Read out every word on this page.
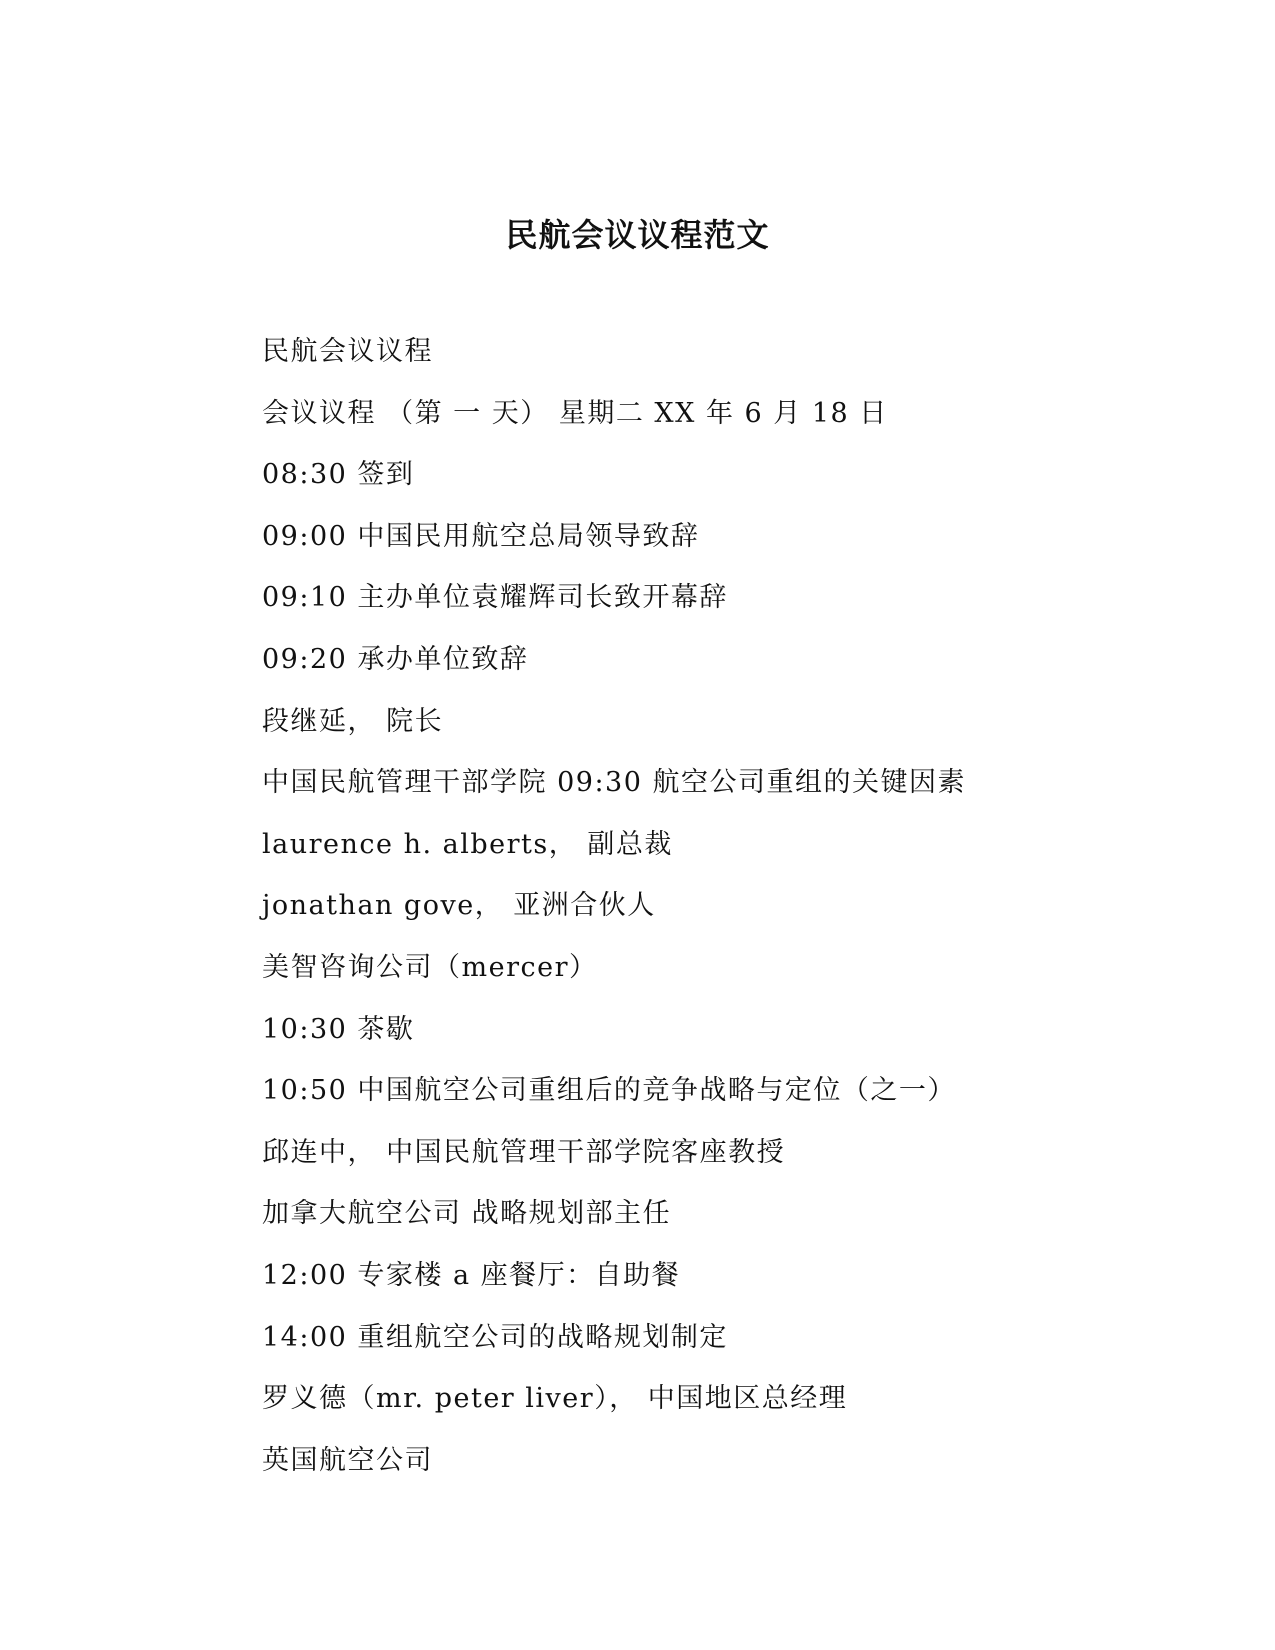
民航会议议程范文
民航会议议程
会议议程 （第 一 天） 星期二 XX 年 6 月 18 日
08:30 签到
09:00 中国民用航空总局领导致辞
09:10 主办单位袁耀辉司长致开幕辞
09:20 承办单位致辞
段继延， 院长
中国民航管理干部学院 09:30 航空公司重组的关键因素
laurence h. alberts， 副总裁
jonathan gove， 亚洲合伙人
美智咨询公司（mercer）
10:30 茶歇
10:50 中国航空公司重组后的竞争战略与定位（之一）
邱连中， 中国民航管理干部学院客座教授
加拿大航空公司 战略规划部主任
12:00 专家楼 a 座餐厅：自助餐
14:00 重组航空公司的战略规划制定
罗义德（mr. peter liver）， 中国地区总经理
英国航空公司
